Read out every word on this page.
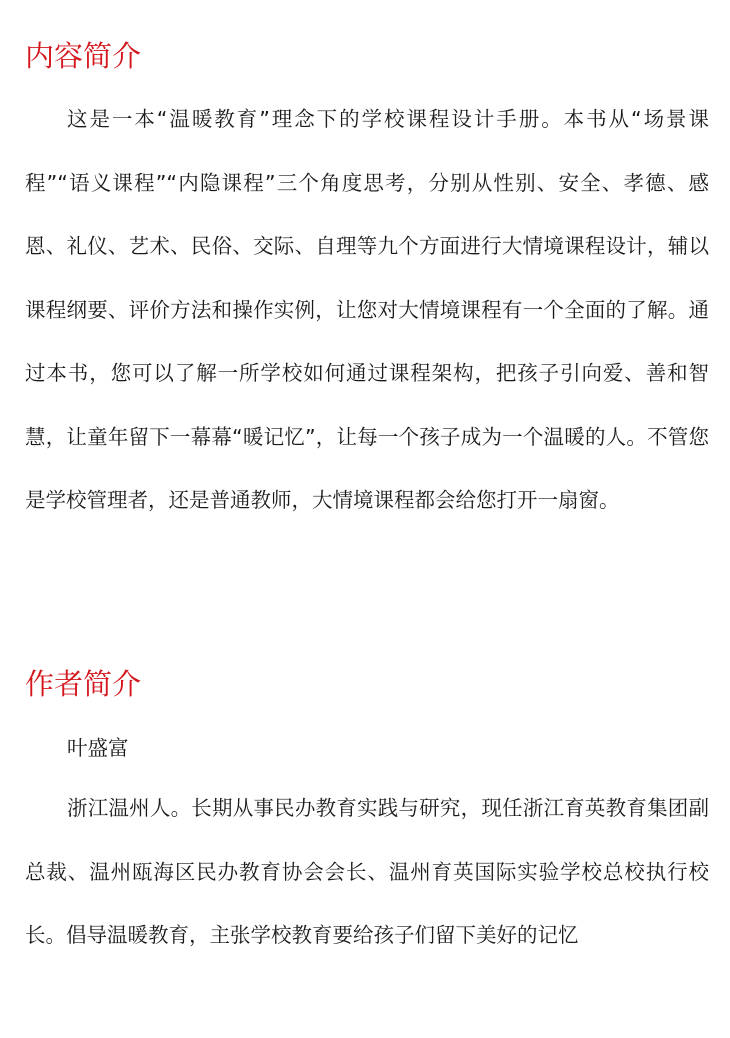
内容简介

这是一本“温暖教育”理念下的学校课程设计手册。本书从“场景课程”“语义课程”“内隐课程”三个角度思考，分别从性别、安全、孝德、感恩、礼仪、艺术、民俗、交际、自理等九个方面进行大情境课程设计，辅以课程纲要、评价方法和操作实例，让您对大情境课程有一个全面的了解。通过本书，您可以了解一所学校如何通过课程架构，把孩子引向爱、善和智慧，让童年留下一幕幕“暖记忆”，让每一个孩子成为一个温暖的人。不管您是学校管理者，还是普通教师，大情境课程都会给您打开一扇窗。

作者简介

叶盛富

浙江温州人。长期从事民办教育实践与研究，现任浙江育英教育集团副总裁、温州瓯海区民办教育协会会长、温州育英国际实验学校总校执行校长。倡导温暖教育，主张学校教育要给孩子们留下美好的记忆
